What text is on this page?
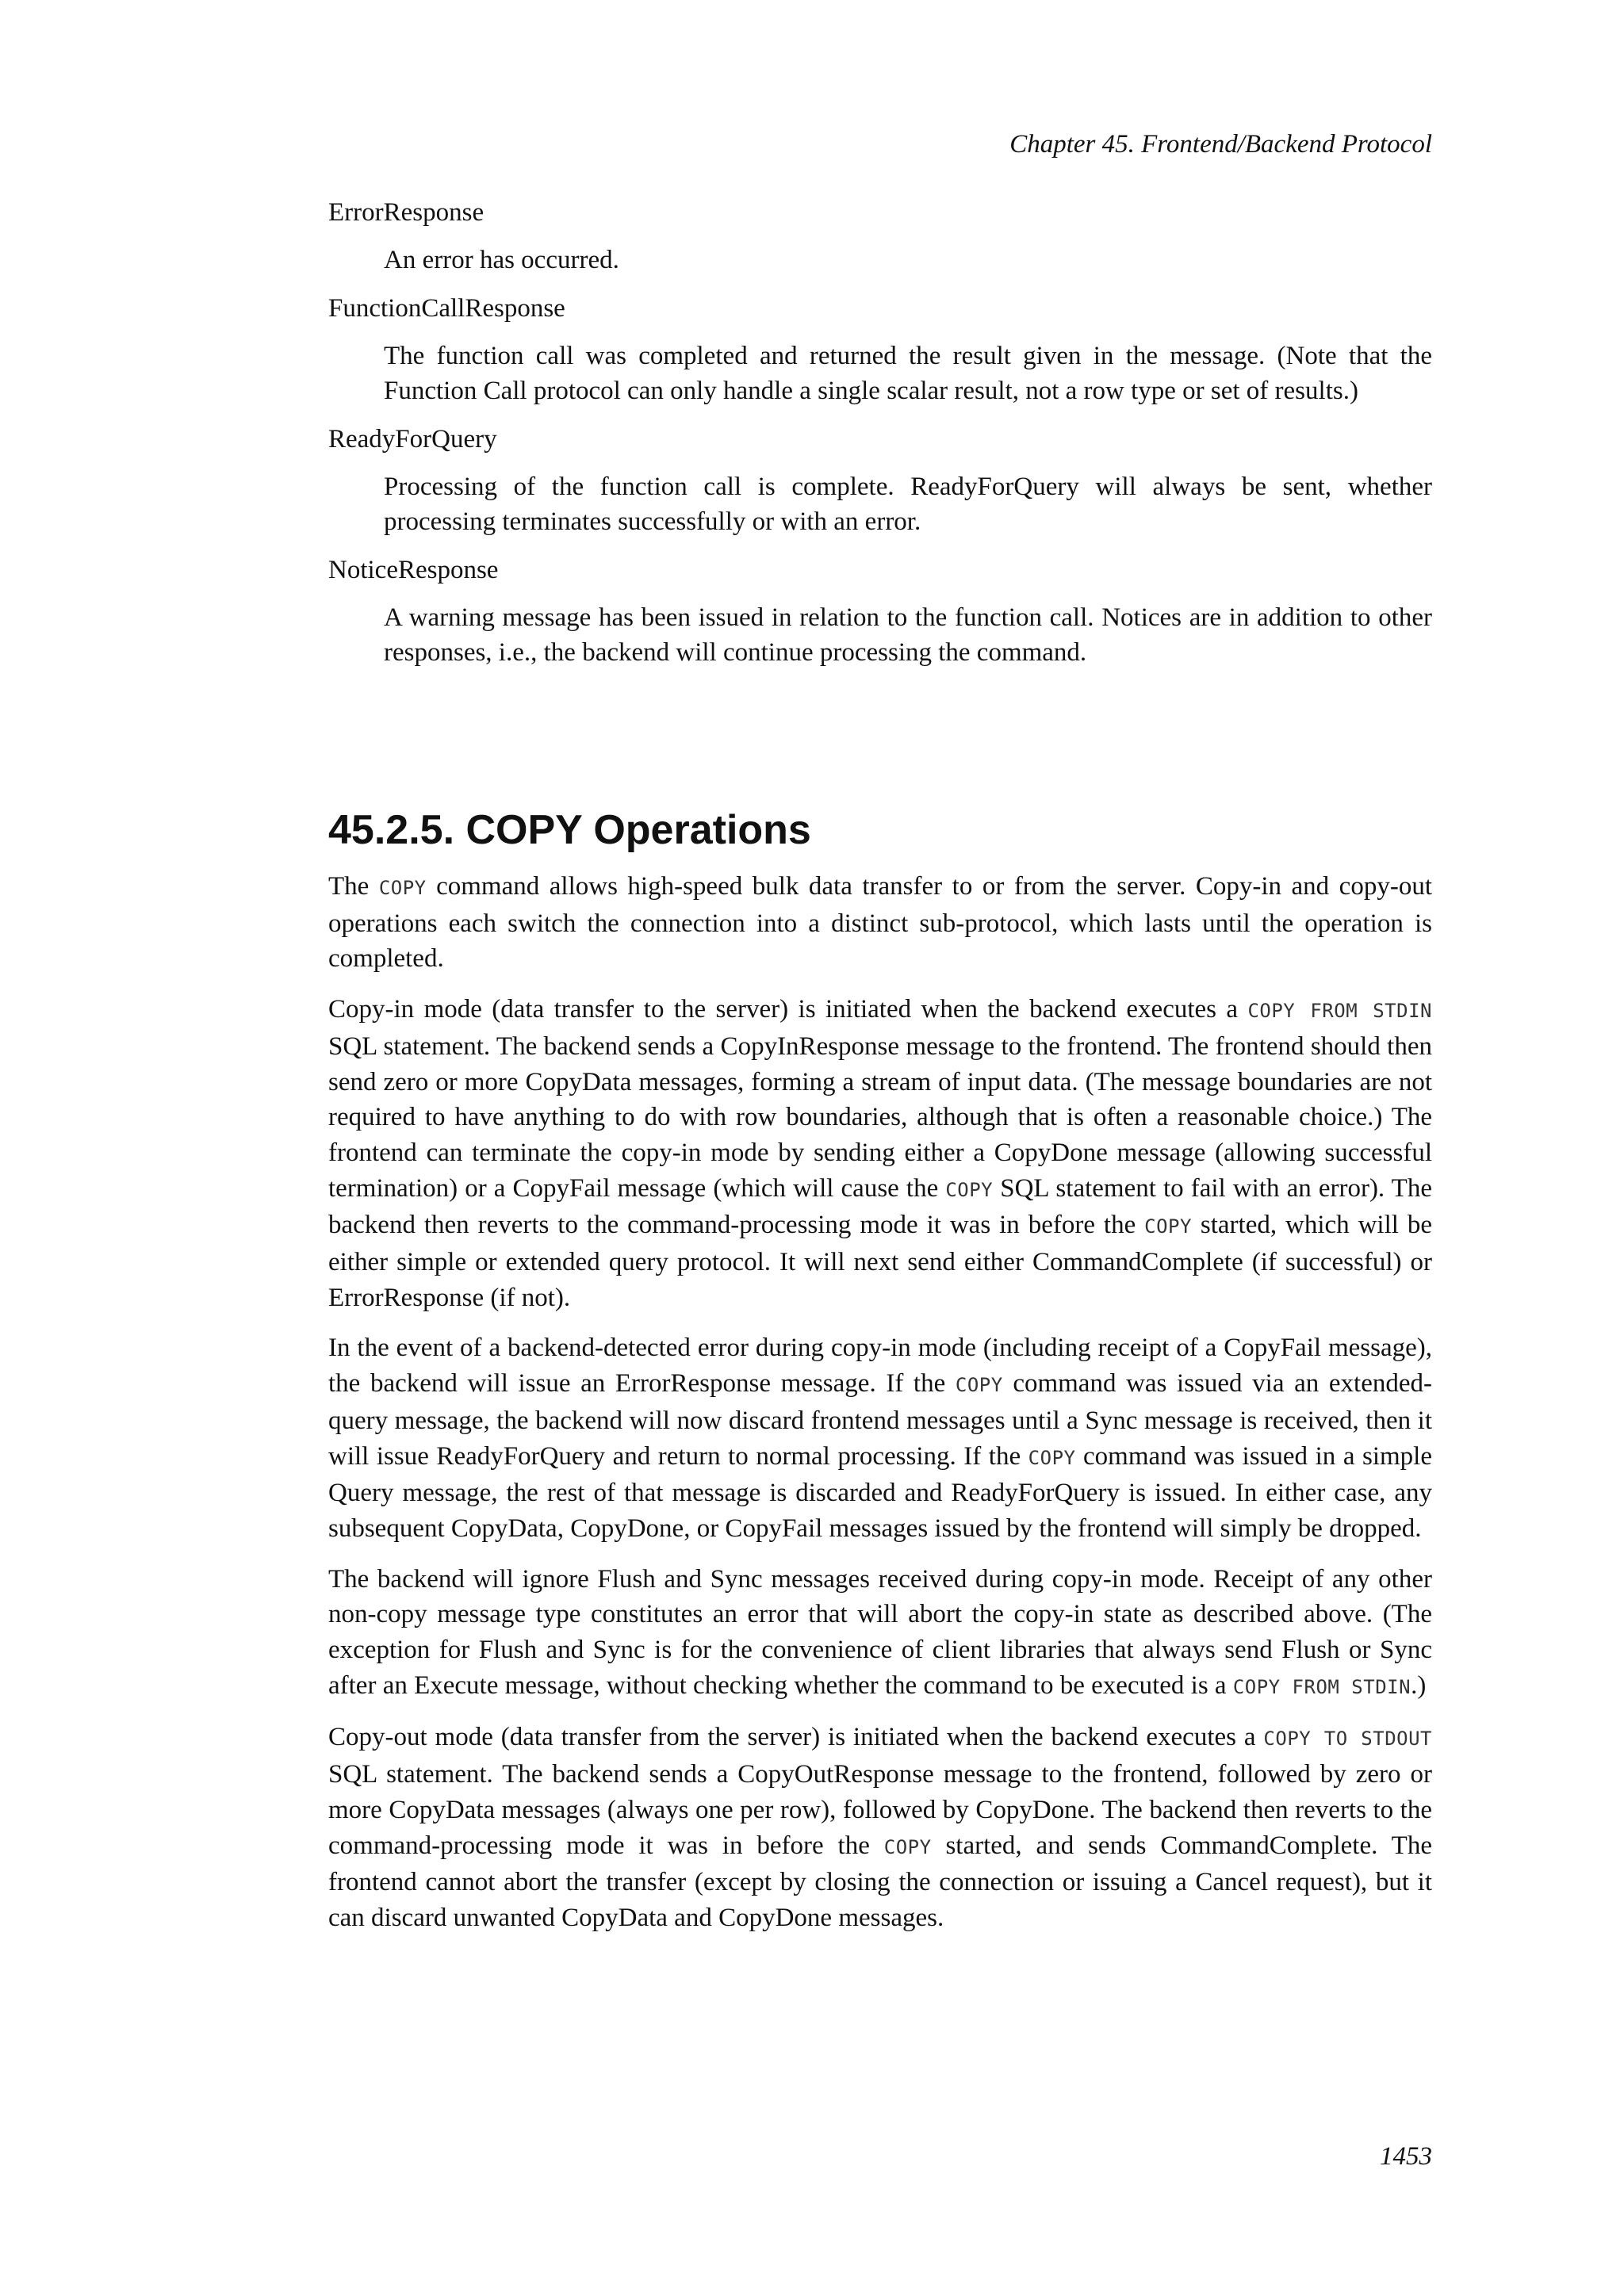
Chapter 45. Frontend/Backend Protocol

ErrorResponse

An error has occurred.

FunctionCallResponse

The function call was completed and returned the result given in the message. (Note that the Function Call protocol can only handle a single scalar result, not a row type or set of results.)

ReadyForQuery

Processing of the function call is complete. ReadyForQuery will always be sent, whether processing terminates successfully or with an error.

NoticeResponse

A warning message has been issued in relation to the function call. Notices are in addition to other responses, i.e., the backend will continue processing the command.

45.2.5. COPY Operations

The COPY command allows high-speed bulk data transfer to or from the server. Copy-in and copy-out operations each switch the connection into a distinct sub-protocol, which lasts until the operation is completed.

Copy-in mode (data transfer to the server) is initiated when the backend executes a COPY FROM STDIN SQL statement. The backend sends a CopyInResponse message to the frontend. The frontend should then send zero or more CopyData messages, forming a stream of input data. (The message boundaries are not required to have anything to do with row boundaries, although that is often a reasonable choice.) The frontend can terminate the copy-in mode by sending either a CopyDone message (allowing successful termination) or a CopyFail message (which will cause the COPY SQL statement to fail with an error). The backend then reverts to the command-processing mode it was in before the COPY started, which will be either simple or extended query protocol. It will next send either CommandComplete (if successful) or ErrorResponse (if not).

In the event of a backend-detected error during copy-in mode (including receipt of a CopyFail message), the backend will issue an ErrorResponse message. If the COPY command was issued via an extended-query message, the backend will now discard frontend messages until a Sync message is received, then it will issue ReadyForQuery and return to normal processing. If the COPY command was issued in a simple Query message, the rest of that message is discarded and ReadyForQuery is issued. In either case, any subsequent CopyData, CopyDone, or CopyFail messages issued by the frontend will simply be dropped.

The backend will ignore Flush and Sync messages received during copy-in mode. Receipt of any other non-copy message type constitutes an error that will abort the copy-in state as described above. (The exception for Flush and Sync is for the convenience of client libraries that always send Flush or Sync after an Execute message, without checking whether the command to be executed is a COPY FROM STDIN.)

Copy-out mode (data transfer from the server) is initiated when the backend executes a COPY TO STDOUT SQL statement. The backend sends a CopyOutResponse message to the frontend, followed by zero or more CopyData messages (always one per row), followed by CopyDone. The backend then reverts to the command-processing mode it was in before the COPY started, and sends CommandComplete. The frontend cannot abort the transfer (except by closing the connection or issuing a Cancel request), but it can discard unwanted CopyData and CopyDone messages.

1453
